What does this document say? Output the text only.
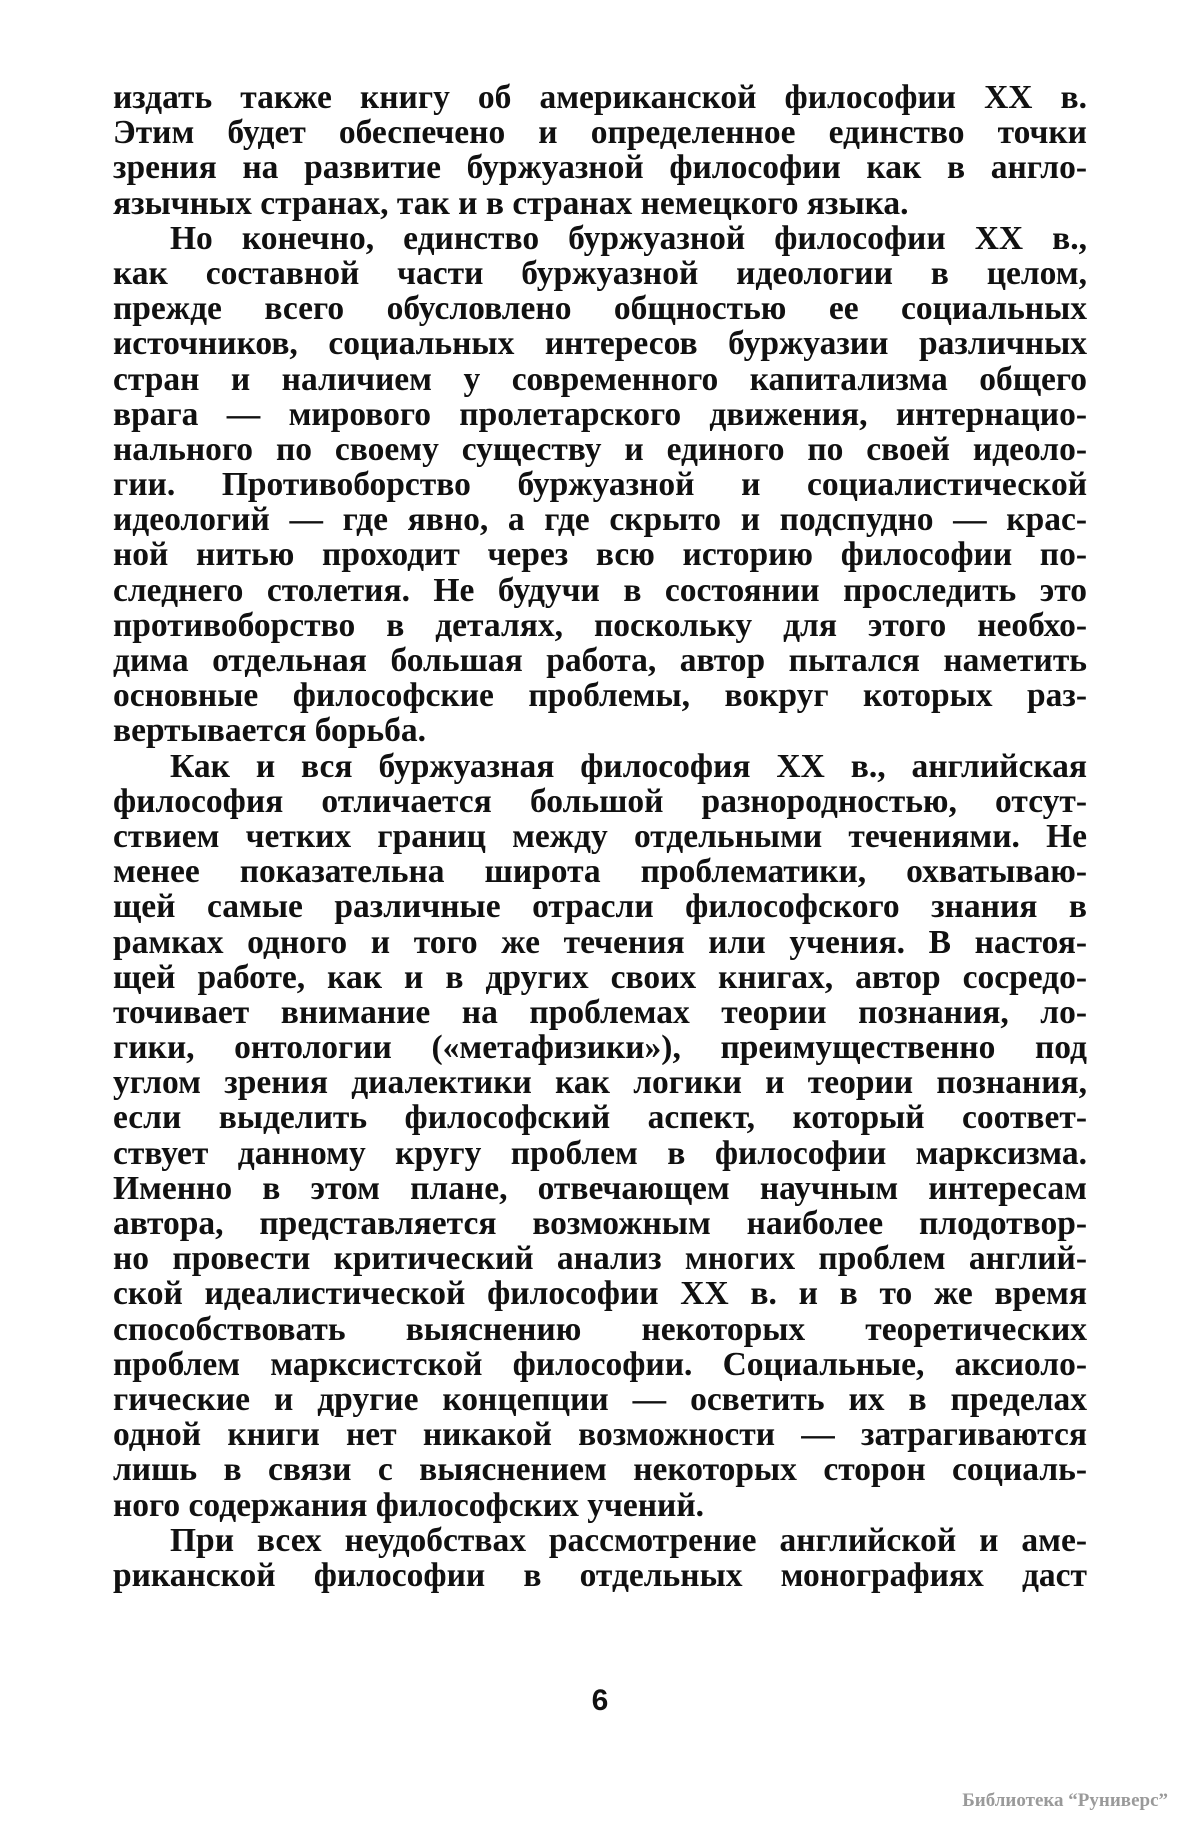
издать также книгу об американской философии XX в.
Этим будет обеспечено и определенное единство точки
зрения на развитие буржуазной философии как в англо-
язычных странах, так и в странах немецкого языка.
Но конечно, единство буржуазной философии XX в.,
как составной части буржуазной идеологии в целом,
прежде всего обусловлено общностью ее социальных
источников, социальных интересов буржуазии различных
стран и наличием у современного капитализма общего
врага — мирового пролетарского движения, интернацио-
нального по своему существу и единого по своей идеоло-
гии. Противоборство буржуазной и социалистической
идеологий — где явно, а где скрыто и подспудно — крас-
ной нитью проходит через всю историю философии по-
следнего столетия. Не будучи в состоянии проследить это
противоборство в деталях, поскольку для этого необхо-
дима отдельная большая работа, автор пытался наметить
основные философские проблемы, вокруг которых раз-
вертывается борьба.
Как и вся буржуазная философия XX в., английская
философия отличается большой разнородностью, отсут-
ствием четких границ между отдельными течениями. Не
менее показательна широта проблематики, охватываю-
щей самые различные отрасли философского знания в
рамках одного и того же течения или учения. В настоя-
щей работе, как и в других своих книгах, автор сосредо-
точивает внимание на проблемах теории познания, ло-
гики, онтологии («метафизики»), преимущественно под
углом зрения диалектики как логики и теории познания,
если выделить философский аспект, который соответ-
ствует данному кругу проблем в философии марксизма.
Именно в этом плане, отвечающем научным интересам
автора, представляется возможным наиболее плодотвор-
но провести критический анализ многих проблем англий-
ской идеалистической философии XX в. и в то же время
способствовать выяснению некоторых теоретических
проблем марксистской философии. Социальные, аксиоло-
гические и другие концепции — осветить их в пределах
одной книги нет никакой возможности — затрагиваются
лишь в связи с выяснением некоторых сторон социаль-
ного содержания философских учений.
При всех неудобствах рассмотрение английской и аме-
риканской философии в отдельных монографиях даст
6
Библиотека “Руниверс”
